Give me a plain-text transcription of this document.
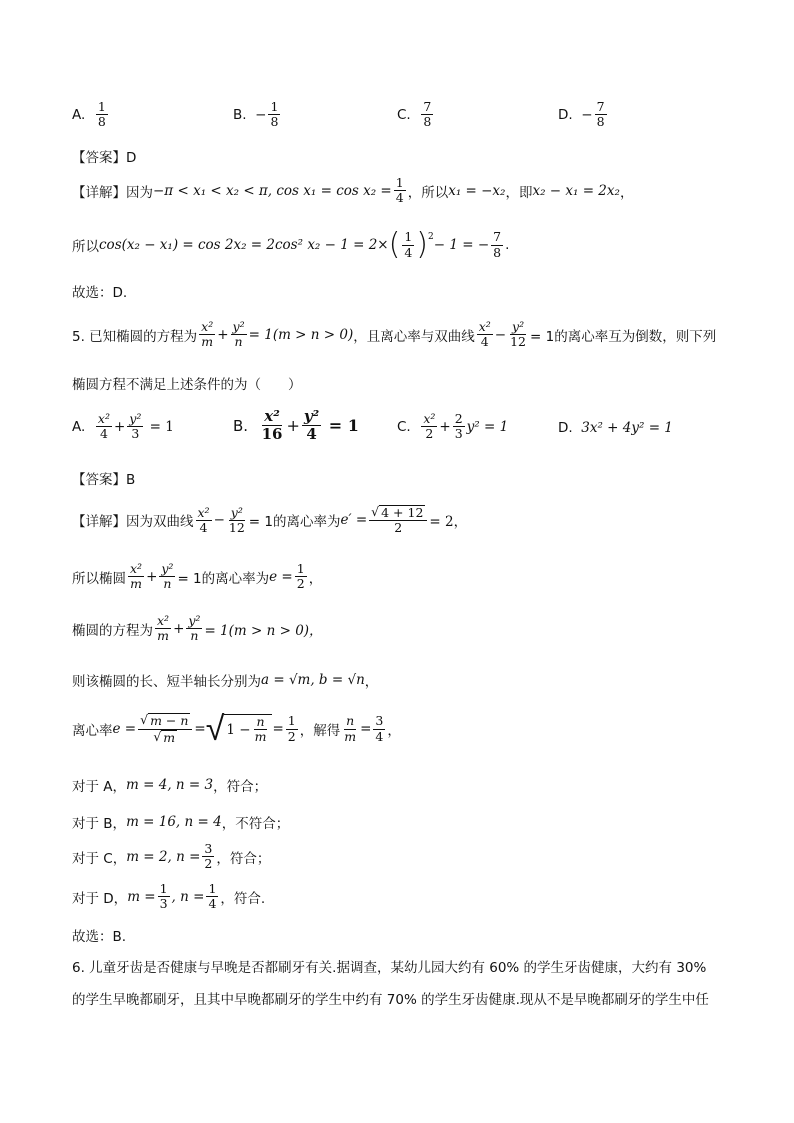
A.
$\frac{1}{8}$	B.
− $\frac{1}{8}$	C.
$\frac{7}{8}$	D.
− $\frac{7}{8}$
【答案】D
【详解】因为 −π < x₁ < x₂ < π, $\cos x_1 = \cos x_2 = \frac{1}{4}$ ，所以 x₁ = −x₂ ，即 x₂ − x₁ = 2x₂ ，
所以 cos(x₂ − x₁) = cos 2x₂ = 2cos² x₂ − 1 = 2× ( $\frac{1}{4} )^2 - 1$ = − $\frac{7}{8}$ .
故选：D.
5. 已知椭圆的方程为 $\frac{\text{x²}}{m} + \frac{\text{y²}}{n} = 1(m > n > 0)$ ，且离心率与双曲线 $\frac{\text{x²}}{4} - \frac{\text{y²}}{12} = 1$的离心率互为倒数，则下列
椭圆方程不满足上述条件的为（　　）
A.
$\frac{\text{x²}}{4} + \frac{\text{y²}}{3} = 1$	B.
$\frac{\text{x²}}{16} + \frac{\text{y²}}{4} = 1$	C.
$\frac{\text{x²}}{2} + \frac{2}{3} y^2 = 1$	D.
3x² + 4y² = 1
【答案】B
【详解】因为双曲线 $\frac{\text{x²}}{4} - \frac{\text{y²}}{12} = 1$的离心率为 $e' = \frac{√ 4 + 12}{2} = 2$，
所以椭圆 $\frac{\text{x²}}{m} + \frac{\text{y²}}{n} = 1$的离心率为 $e = \frac{1}{2}$ ，
椭圆的方程为 $\frac{\text{x²}}{m} + \frac{\text{y²}}{n} = 1(m > n > 0)$，
则该椭圆的长、短半轴长分别为 a = √m, b = √n ，
离心率 $e = \frac{√ m - n}{√ m}$ = √ $1 - \frac{n}{m} = \frac{1}{2}$ ，解得 $\frac{n}{m} = \frac{3}{4}$ ，
对于 A， m = 4, n = 3 ，符合；
对于 B， m = 16, n = 4 ，不符合；
对于 C， m = 2, $n = \frac{3}{2}$ ，符合；
对于 D， $m = \frac{1}{3}$ , $n = \frac{1}{4}$ ，符合.
故选：B.
6. 儿童牙齿是否健康与早晚是否都刷牙有关.据调查，某幼儿园大约有 60% 的学生牙齿健康，大约有 30%
的学生早晚都刷牙，且其中早晚都刷牙的学生中约有 70% 的学生牙齿健康.现从不是早晚都刷牙的学生中任
